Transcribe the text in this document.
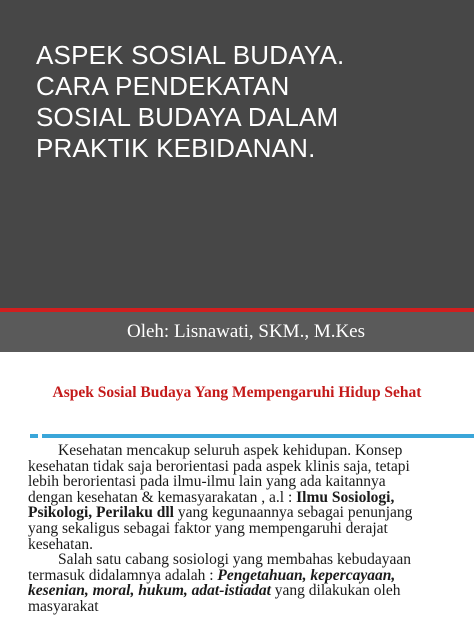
ASPEK SOSIAL BUDAYA.
CARA PENDEKATAN
SOSIAL BUDAYA DALAM
PRAKTIK KEBIDANAN.
Oleh: Lisnawati, SKM., M.Kes
Aspek Sosial Budaya Yang Mempengaruhi Hidup Sehat

Kesehatan mencakup seluruh aspek kehidupan. Konsep
kesehatan tidak saja berorientasi pada aspek klinis saja, tetapi
lebih berorientasi pada ilmu-ilmu lain yang ada kaitannya
dengan kesehatan & kemasyarakatan , a.l : Ilmu Sosiologi,
Psikologi, Perilaku dll yang kegunaannya sebagai penunjang
yang sekaligus sebagai faktor yang mempengaruhi derajat
kesehatan.

Salah satu cabang sosiologi yang membahas kebudayaan
termasuk didalamnya adalah : Pengetahuan, kepercayaan,
kesenian, moral, hukum, adat-istiadat yang dilakukan oleh
masyarakat
